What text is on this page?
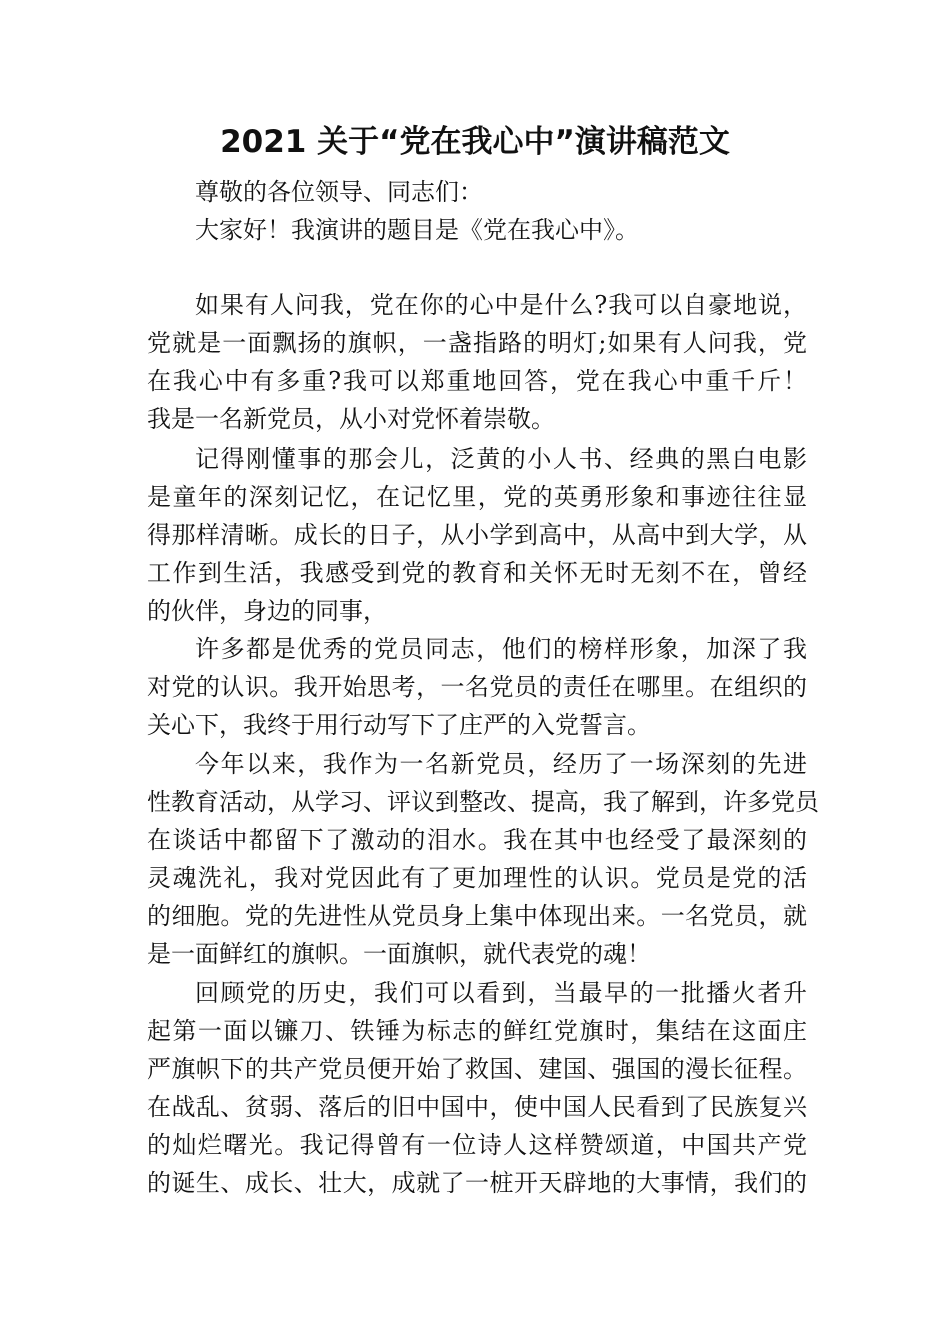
2021 关于“党在我心中”演讲稿范文
尊敬的各位领导、同志们：
大家好！我演讲的题目是《党在我心中》。
如果有人问我，党在你的心中是什么?我可以自豪地说，
党就是一面飘扬的旗帜，一盏指路的明灯;如果有人问我，党
在我心中有多重?我可以郑重地回答，党在我心中重千斤！
我是一名新党员，从小对党怀着崇敬。
记得刚懂事的那会儿，泛黄的小人书、经典的黑白电影
是童年的深刻记忆，在记忆里，党的英勇形象和事迹往往显
得那样清晰。成长的日子，从小学到高中，从高中到大学，从
工作到生活，我感受到党的教育和关怀无时无刻不在，曾经
的伙伴，身边的同事，
许多都是优秀的党员同志，他们的榜样形象，加深了我
对党的认识。我开始思考，一名党员的责任在哪里。在组织的
关心下，我终于用行动写下了庄严的入党誓言。
今年以来，我作为一名新党员，经历了一场深刻的先进
性教育活动，从学习、评议到整改、提高，我了解到，许多党员
在谈话中都留下了激动的泪水。我在其中也经受了最深刻的
灵魂洗礼，我对党因此有了更加理性的认识。党员是党的活
的细胞。党的先进性从党员身上集中体现出来。一名党员，就
是一面鲜红的旗帜。一面旗帜，就代表党的魂！
回顾党的历史，我们可以看到，当最早的一批播火者升
起第一面以镰刀、铁锤为标志的鲜红党旗时，集结在这面庄
严旗帜下的共产党员便开始了救国、建国、强国的漫长征程。
在战乱、贫弱、落后的旧中国中，使中国人民看到了民族复兴
的灿烂曙光。我记得曾有一位诗人这样赞颂道，中国共产党
的诞生、成长、壮大，成就了一桩开天辟地的大事情，我们的
